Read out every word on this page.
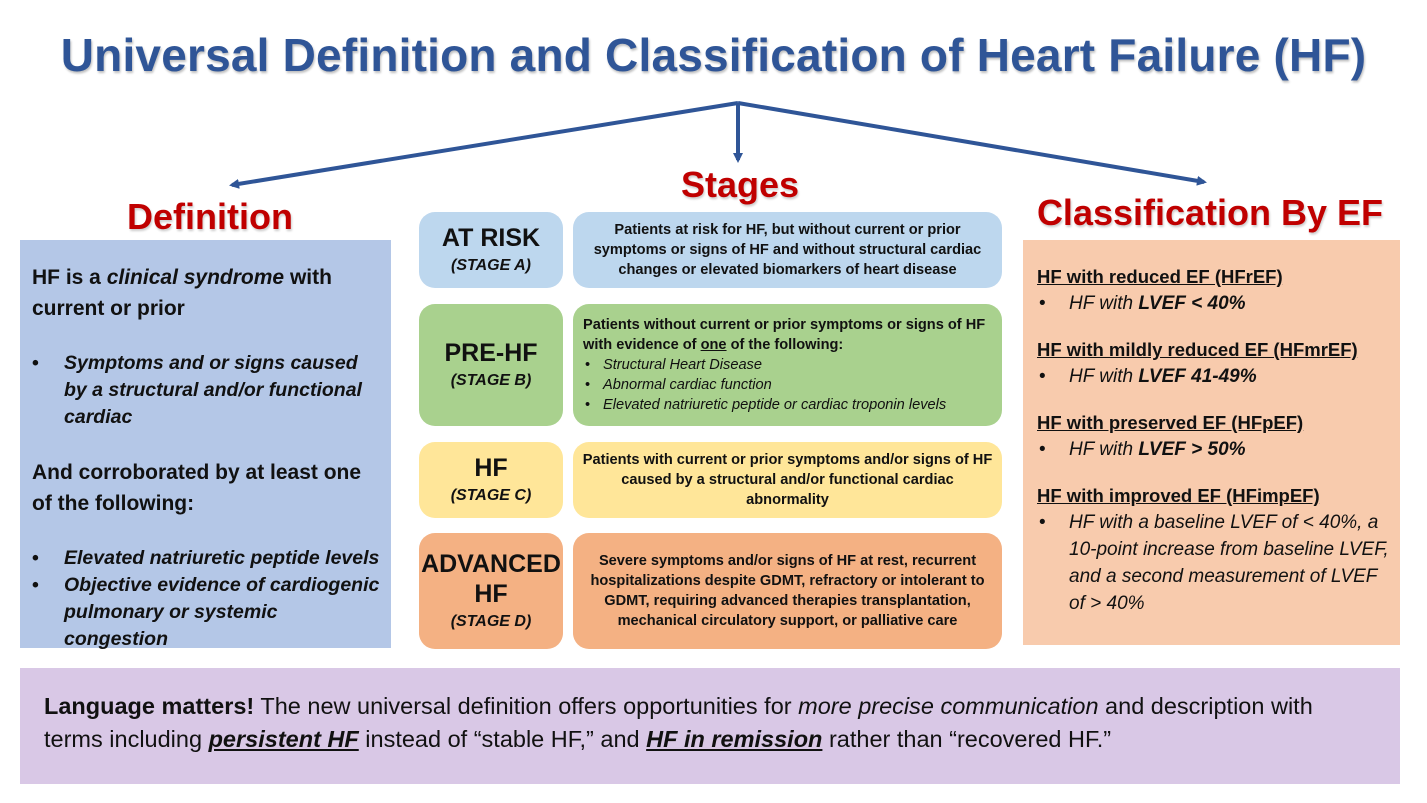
Universal Definition and Classification of Heart Failure (HF)
Definition
Stages
Classification By EF

HF is a clinical syndrome with current or prior

• Symptoms and or signs caused by a structural and/or functional cardiac

And corroborated by at least one of the following:

• Elevated natriuretic peptide levels
• Objective evidence of cardiogenic pulmonary or systemic congestion
AT RISK
(STAGE A)
Patients at risk for HF, but without current or prior symptoms or signs of HF and without structural cardiac changes or elevated biomarkers of heart disease
PRE-HF
(STAGE B)
Patients without current or prior symptoms or signs of HF with evidence of one of the following:
• Structural Heart Disease
• Abnormal cardiac function
• Elevated natriuretic peptide or cardiac troponin levels
HF
(STAGE C)
Patients with current or prior symptoms and/or signs of HF caused by a structural and/or functional cardiac abnormality
ADVANCED
HF
(STAGE D)
Severe symptoms and/or signs of HF at rest, recurrent hospitalizations despite GDMT, refractory or intolerant to GDMT, requiring advanced therapies transplantation, mechanical circulatory support, or palliative care
HF with reduced EF (HFrEF)
• HF with LVEF < 40%
HF with mildly reduced EF (HFmrEF)
• HF with LVEF 41-49%
HF with preserved EF (HFpEF)
• HF with LVEF > 50%
HF with improved EF (HFimpEF)
• HF with a baseline LVEF of < 40%, a 10-point increase from baseline LVEF, and a second measurement of LVEF of > 40%
Language matters! The new universal definition offers opportunities for more precise communication and description with terms including persistent HF instead of “stable HF,” and HF in remission rather than “recovered HF.”
